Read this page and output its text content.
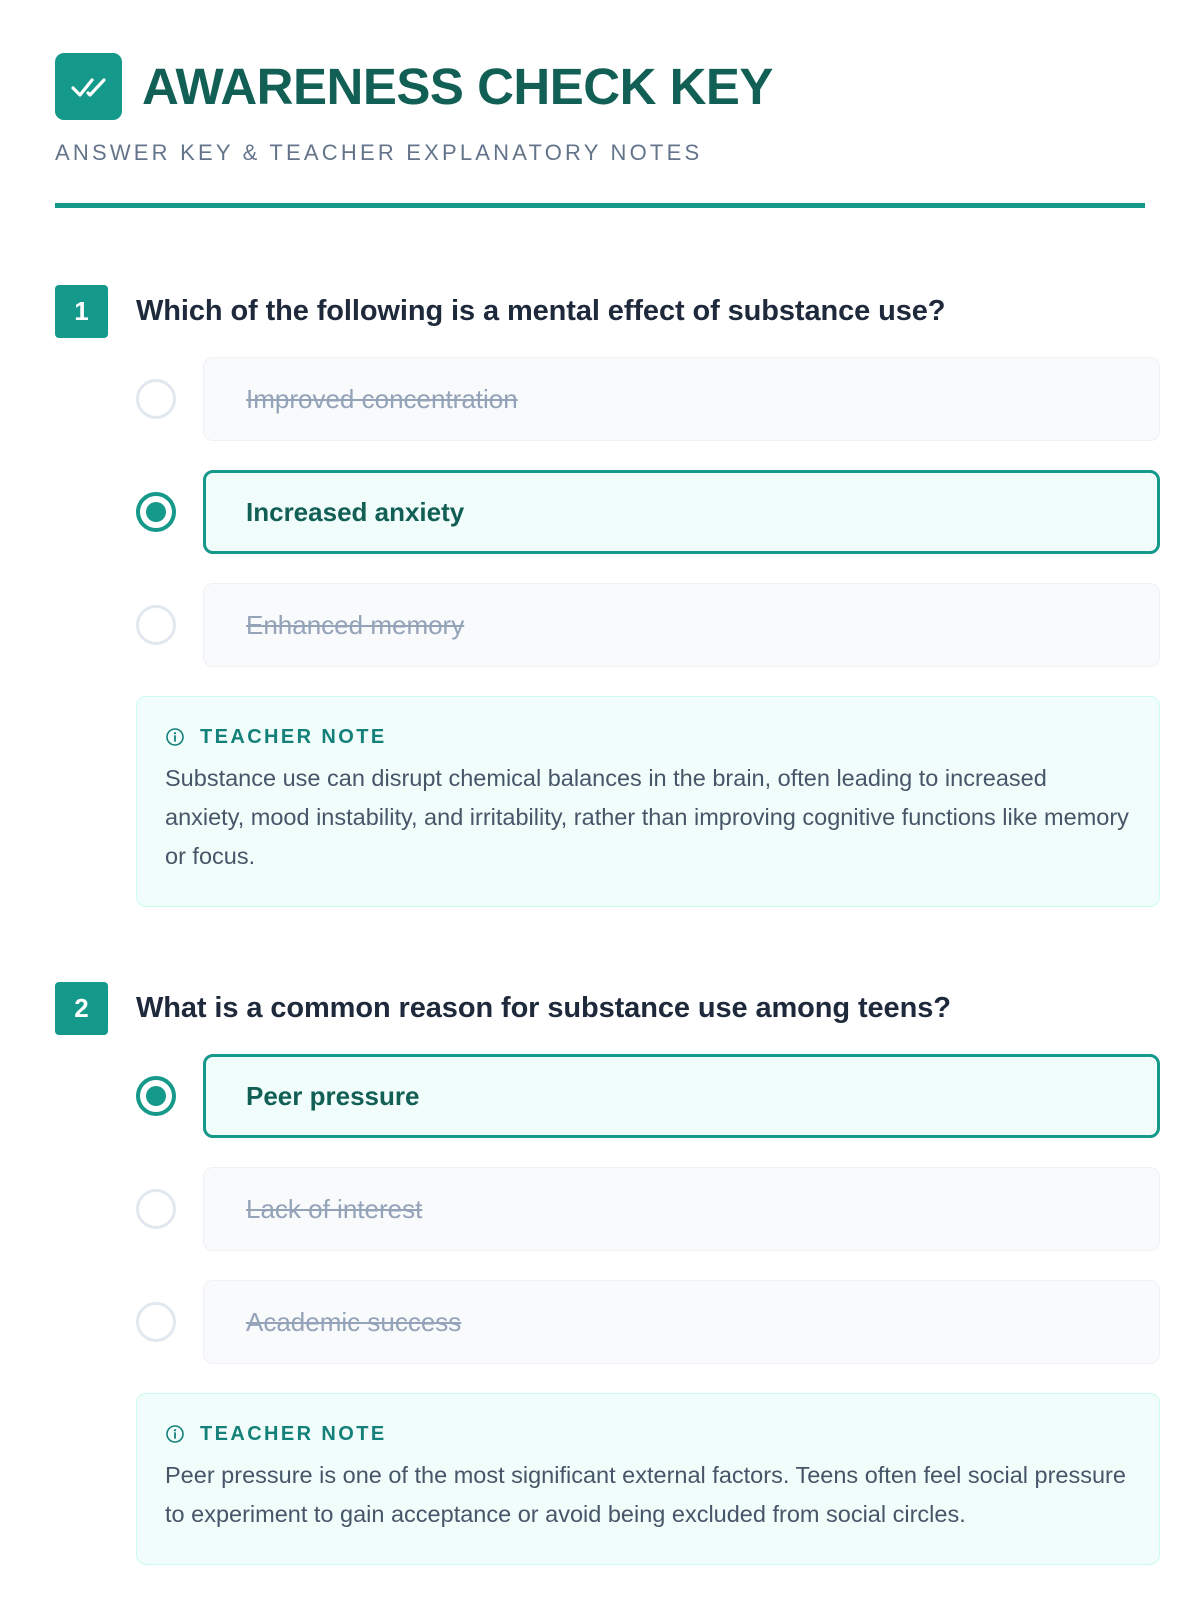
AWARENESS CHECK KEY
ANSWER KEY & TEACHER EXPLANATORY NOTES
1	Which of the following is a mental effect of substance use?
Improved concentration
Increased anxiety
Enhanced memory
TEACHER NOTE

Substance use can disrupt chemical balances in the brain, often leading to increased anxiety, mood instability, and irritability, rather than improving cognitive functions like memory or focus.

2	What is a common reason for substance use among teens?
Peer pressure
Lack of interest
Academic success
TEACHER NOTE

Peer pressure is one of the most significant external factors. Teens often feel social pressure to experiment to gain acceptance or avoid being excluded from social circles.
